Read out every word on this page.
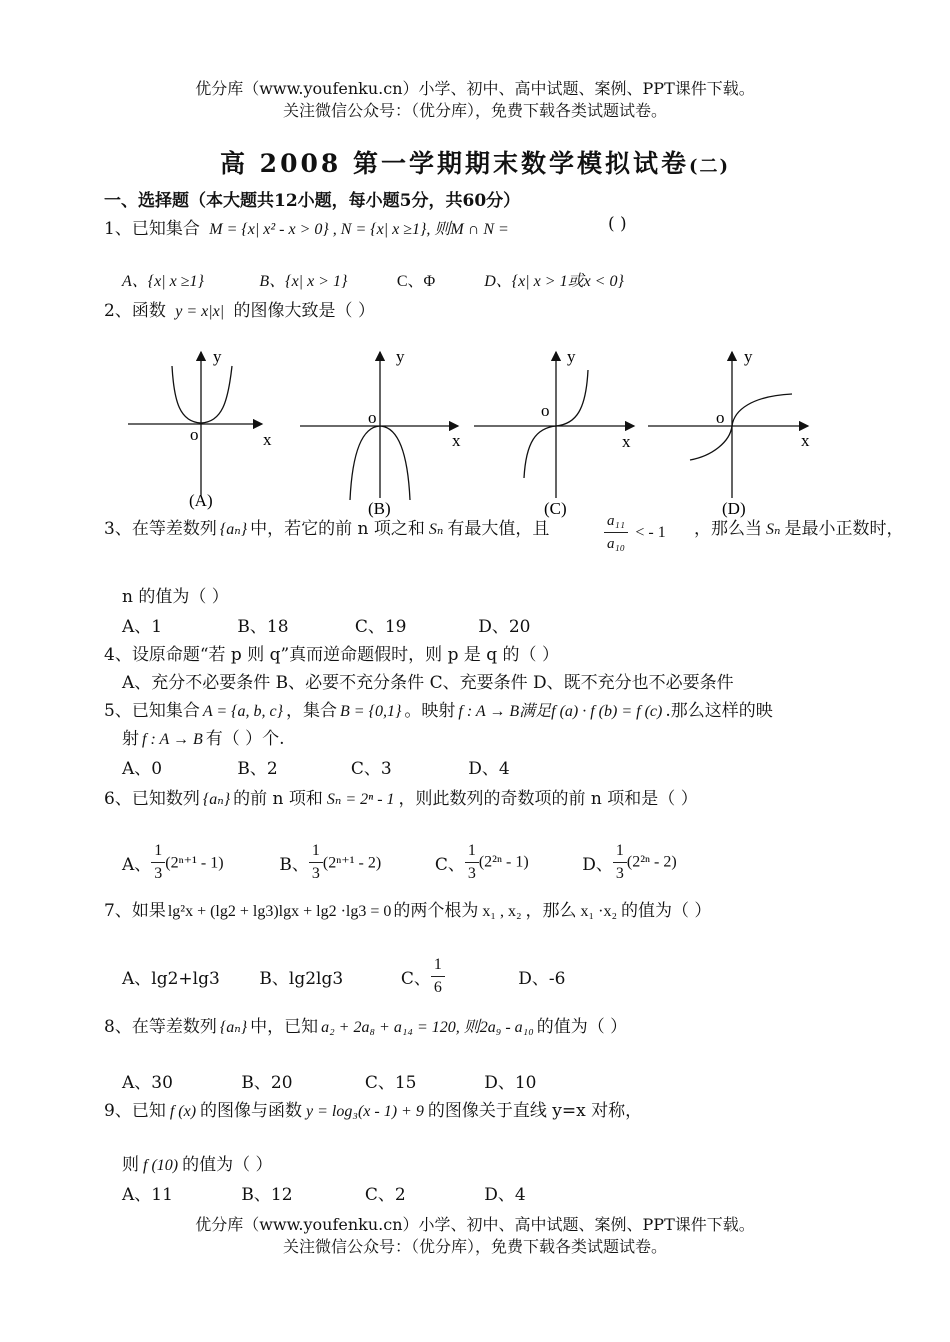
优分库（www.youfenku.cn）小学、初中、高中试题、案例、PPT课件下载。
关注微信公众号：（优分库），免费下载各类试题试卷。
高 2008 第一学期期末数学模拟试卷(二)
一、选择题（本大题共12小题，每小题5分，共60分）
1、已知集合 M = {x| x² - x > 0} , N = {x| x ≥1}, 则M ∩ N =	( )
A、{x| x ≥1}	B、{x| x > 1}	C、Φ	D、{x| x > 1或x < 0}
2、函数 y = x|x| 的图像大致是（ ）
y
x
o
(A)
y
x
o
(B)
y
x
o
(C)
y
x
o
(D)
3、在等差数列 {aₙ} 中，若它的前 n 项之和 Sₙ 有最大值，且	$\frac{\text{a₁₁}}{\text{a₁₀}}$ < - 1 ，那么当 Sₙ 是最小正数时，
n 的值为（ ）
A、1	B、18	C、19	D、20
4、设原命题“若 p 则 q”真而逆命题假时，则 p 是 q 的（ ）
A、充分不必要条件 B、必要不充分条件 C、充要条件 D、既不充分也不必要条件
5、已知集合 A = {a, b, c} ，集合 B = {0,1} 。映射 f : A → B满足f (a) · f (b) = f (c) .那么这样的映
射 f : A → B 有（ ）个.
A、0	B、2	C、3	D、4
6、已知数列 {aₙ} 的前 n 项和 Sₙ = 2ⁿ - 1 ，则此数列的奇数项的前 n 项和是（ ）
A、 $\frac{1}{3} (2^{n+1} - 1)$	B、 $\frac{1}{3} (2^{n+1} - 2)$	C、 $\frac{1}{3} (2^{2n} - 1)$	D、 $\frac{1}{3} (2^{2n} - 2)$
7、如果 lg²x + (lg2 + lg3)lgx + lg2 ·lg3 = 0 的两个根为 x₁ , x₂ ，那么 x₁ ·x₂ 的值为（ ）
A、lg2+lg3 B、lg2lg3	C、 $\frac{1}{6}$	D、-6
8、在等差数列 {aₙ} 中，已知 a₂ + 2a₈ + a₁₄ = 120, 则2a₉ - a₁₀ 的值为（ ）
A、30	B、20	C、15	D、10
9、已知 f (x) 的图像与函数 y = log₃(x - 1) + 9 的图像关于直线 y=x 对称，
则 f (10) 的值为（ ）
A、11	B、12	C、2	D、4
优分库（www.youfenku.cn）小学、初中、高中试题、案例、PPT课件下载。
关注微信公众号：（优分库），免费下载各类试题试卷。
